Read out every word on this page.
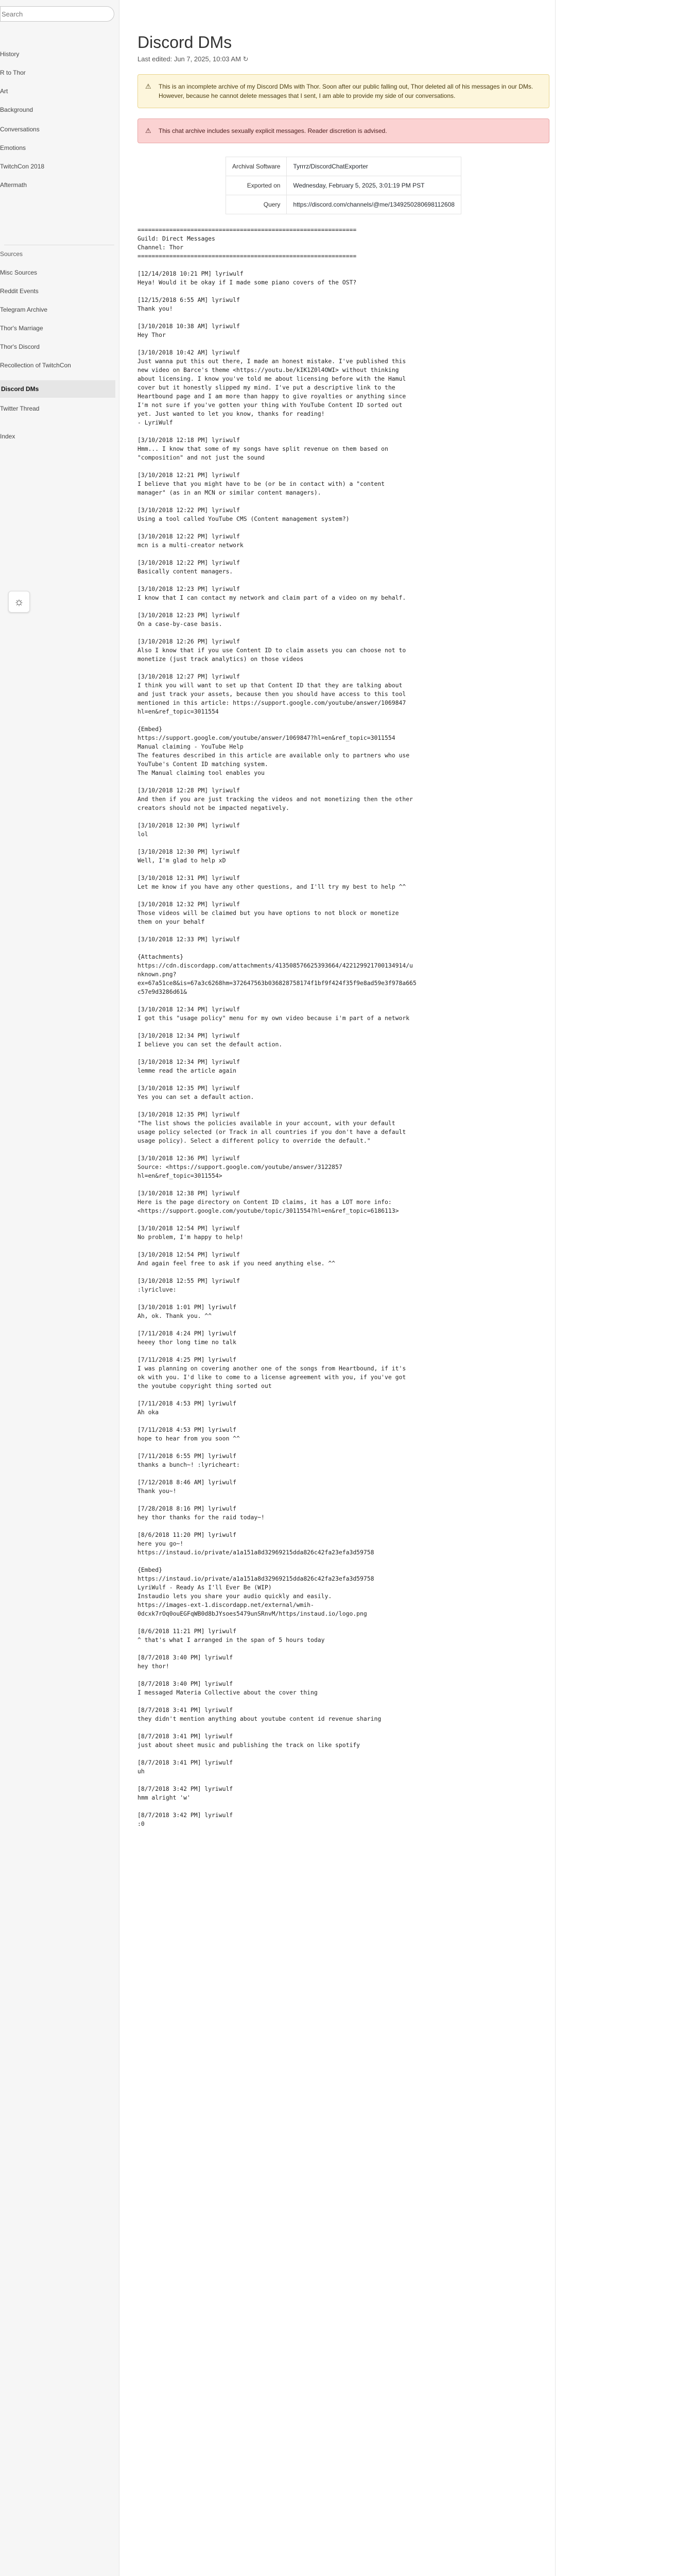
Search
History
R to Thor
Art
Background
Conversations
Emotions
TwitchCon 2018
Aftermath
Sources
Misc Sources
Reddit Events
Telegram Archive
Thor's Marriage
Thor's Discord
Recollection of TwitchCon
Discord DMs
Twitter Thread
Index
☼
Discord DMs
Last edited: Jun 7, 2025, 10:03 AM ↻
⚠ This is an incomplete archive of my Discord DMs with Thor. Soon after our public falling out, Thor deleted all of his messages in our DMs. However, because he cannot delete messages that I sent, I am able to provide my side of our conversations.
⚠ This chat archive includes sexually explicit messages. Reader discretion is advised.
Archival Software	Tyrrrz/DiscordChatExporter
Exported on	Wednesday, February 5, 2025, 3:01:19 PM PST
Query	https://discord.com/channels/@me/1349250280698112608
==============================================================
Guild: Direct Messages
Channel: Thor
==============================================================

[12/14/2018 10:21 PM] lyriwulf
Heya! Would it be okay if I made some piano covers of the OST?

[12/15/2018 6:55 AM] lyriwulf
Thank you!

[3/10/2018 10:38 AM] lyriwulf
Hey Thor

[3/10/2018 10:42 AM] lyriwulf
Just wanna put this out there, I made an honest mistake. I've published this
new video on Barce's theme <https://youtu.be/kIK1Z0l4OWI> without thinking
about licensing. I know you've told me about licensing before with the Hamul
cover but it honestly slipped my mind. I've put a descriptive link to the
Heartbound page and I am more than happy to give royalties or anything since
I'm not sure if you've gotten your thing with YouTube Content ID sorted out
yet. Just wanted to let you know, thanks for reading!
- LyriWulf

[3/10/2018 12:18 PM] lyriwulf
Hmm... I know that some of my songs have split revenue on them based on
"composition" and not just the sound

[3/10/2018 12:21 PM] lyriwulf
I believe that you might have to be (or be in contact with) a "content
manager" (as in an MCN or similar content managers).

[3/10/2018 12:22 PM] lyriwulf
Using a tool called YouTube CMS (Content management system?)

[3/10/2018 12:22 PM] lyriwulf
mcn is a multi-creator network

[3/10/2018 12:22 PM] lyriwulf
Basically content managers.

[3/10/2018 12:23 PM] lyriwulf
I know that I can contact my network and claim part of a video on my behalf.

[3/10/2018 12:23 PM] lyriwulf
On a case-by-case basis.

[3/10/2018 12:26 PM] lyriwulf
Also I know that if you use Content ID to claim assets you can choose not to
monetize (just track analytics) on those videos

[3/10/2018 12:27 PM] lyriwulf
I think you will want to set up that Content ID that they are talking about
and just track your assets, because then you should have access to this tool
mentioned in this article: https://support.google.com/youtube/answer/1069847
hl=en&ref_topic=3011554

{Embed}
https://support.google.com/youtube/answer/1069847?hl=en&ref_topic=3011554
Manual claiming - YouTube Help
The features described in this article are available only to partners who use
YouTube's Content ID matching system.
The Manual claiming tool enables you

[3/10/2018 12:28 PM] lyriwulf
And then if you are just tracking the videos and not monetizing then the other
creators should not be impacted negatively.

[3/10/2018 12:30 PM] lyriwulf
lol

[3/10/2018 12:30 PM] lyriwulf
Well, I'm glad to help xD

[3/10/2018 12:31 PM] lyriwulf
Let me know if you have any other questions, and I'll try my best to help ^^

[3/10/2018 12:32 PM] lyriwulf
Those videos will be claimed but you have options to not block or monetize
them on your behalf

[3/10/2018 12:33 PM] lyriwulf

{Attachments}
https://cdn.discordapp.com/attachments/413508576625393664/422129921700134914/u
nknown.png?
ex=67a51ce8&is=67a3c6268hm=372647563b036828758174f1bf9f424f35f9e8ad59e3f978a665
c57e9d3286d61&

[3/10/2018 12:34 PM] lyriwulf
I got this "usage policy" menu for my own video because i'm part of a network

[3/10/2018 12:34 PM] lyriwulf
I believe you can set the default action.

[3/10/2018 12:34 PM] lyriwulf
lemme read the article again

[3/10/2018 12:35 PM] lyriwulf
Yes you can set a default action.

[3/10/2018 12:35 PM] lyriwulf
"The list shows the policies available in your account, with your default
usage policy selected (or Track in all countries if you don't have a default
usage policy). Select a different policy to override the default."

[3/10/2018 12:36 PM] lyriwulf
Source: <https://support.google.com/youtube/answer/3122857
hl=en&ref_topic=3011554>

[3/10/2018 12:38 PM] lyriwulf
Here is the page directory on Content ID claims, it has a LOT more info:
<https://support.google.com/youtube/topic/3011554?hl=en&ref_topic=6186113>

[3/10/2018 12:54 PM] lyriwulf
No problem, I'm happy to help!

[3/10/2018 12:54 PM] lyriwulf
And again feel free to ask if you need anything else. ^^

[3/10/2018 12:55 PM] lyriwulf
:lyricluve:

[3/10/2018 1:01 PM] lyriwulf
Ah, ok. Thank you. ^^

[7/11/2018 4:24 PM] lyriwulf
heeey thor long time no talk

[7/11/2018 4:25 PM] lyriwulf
I was planning on covering another one of the songs from Heartbound, if it's
ok with you. I'd like to come to a license agreement with you, if you've got
the youtube copyright thing sorted out

[7/11/2018 4:53 PM] lyriwulf
Ah oka

[7/11/2018 4:53 PM] lyriwulf
hope to hear from you soon ^^

[7/11/2018 6:55 PM] lyriwulf
thanks a bunch~! :lyricheart:

[7/12/2018 8:46 AM] lyriwulf
Thank you~!

[7/28/2018 8:16 PM] lyriwulf
hey thor thanks for the raid today~!

[8/6/2018 11:20 PM] lyriwulf
here you go~!
https://instaud.io/private/a1a151a8d32969215dda826c42fa23efa3d59758

{Embed}
https://instaud.io/private/a1a151a8d32969215dda826c42fa23efa3d59758
LyriWulf - Ready As I'll Ever Be (WIP)
Instaudio lets you share your audio quickly and easily.
https://images-ext-1.discordapp.net/external/wmih-
0dcxk7rOq0ouEGFqWB0d8bJYsoes5479unSRnvM/https/instaud.io/logo.png

[8/6/2018 11:21 PM] lyriwulf
^ that's what I arranged in the span of 5 hours today

[8/7/2018 3:40 PM] lyriwulf
hey thor!

[8/7/2018 3:40 PM] lyriwulf
I messaged Materia Collective about the cover thing

[8/7/2018 3:41 PM] lyriwulf
they didn't mention anything about youtube content id revenue sharing

[8/7/2018 3:41 PM] lyriwulf
just about sheet music and publishing the track on like spotify

[8/7/2018 3:41 PM] lyriwulf
uh

[8/7/2018 3:42 PM] lyriwulf
hmm alright 'w'

[8/7/2018 3:42 PM] lyriwulf
:0
